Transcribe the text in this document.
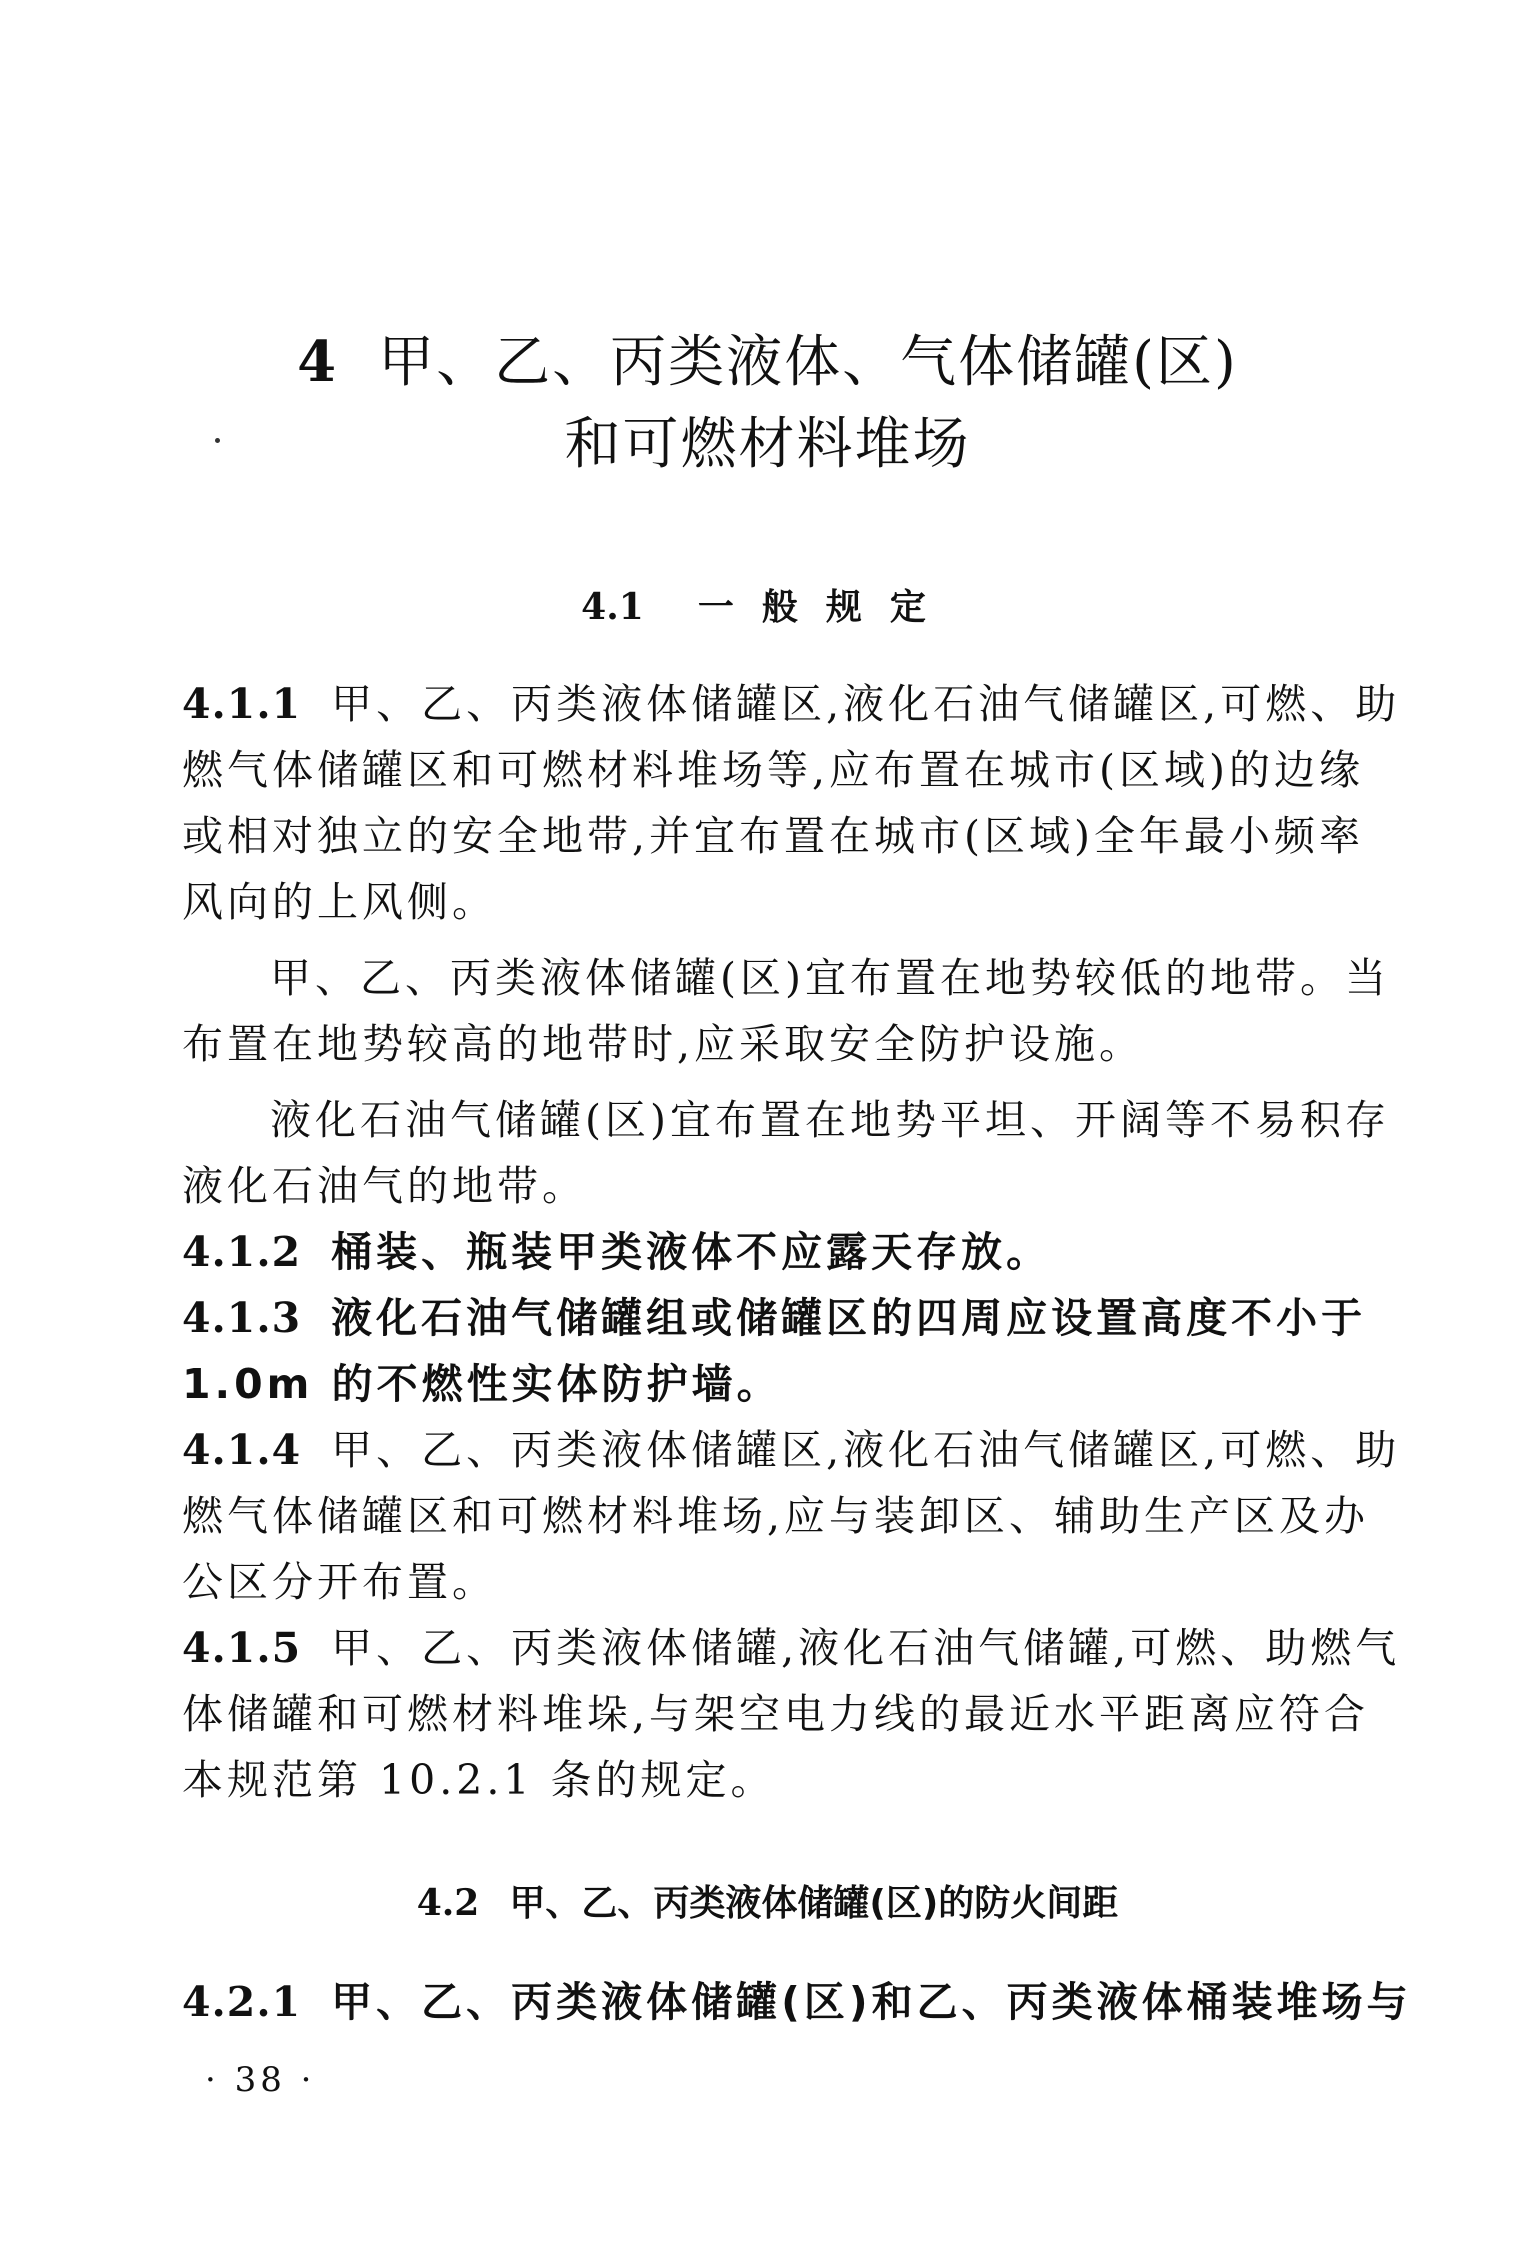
4 甲、乙、丙类液体、气体储罐(区)
和可燃材料堆场
4.1 一般规定
4.1.1 甲、乙、丙类液体储罐区,液化石油气储罐区,可燃、助
燃气体储罐区和可燃材料堆场等,应布置在城市(区域)的边缘
或相对独立的安全地带,并宜布置在城市(区域)全年最小频率
风向的上风侧。
甲、乙、丙类液体储罐(区)宜布置在地势较低的地带。当
布置在地势较高的地带时,应采取安全防护设施。
液化石油气储罐(区)宜布置在地势平坦、开阔等不易积存
液化石油气的地带。
4.1.2 桶装、瓶装甲类液体不应露天存放。
4.1.3 液化石油气储罐组或储罐区的四周应设置高度不小于
1.0m 的不燃性实体防护墙。
4.1.4 甲、乙、丙类液体储罐区,液化石油气储罐区,可燃、助
燃气体储罐区和可燃材料堆场,应与装卸区、辅助生产区及办
公区分开布置。
4.1.5 甲、乙、丙类液体储罐,液化石油气储罐,可燃、助燃气
体储罐和可燃材料堆垛,与架空电力线的最近水平距离应符合
本规范第 10.2.1 条的规定。
4.2 甲、乙、丙类液体储罐(区)的防火间距
4.2.1 甲、乙、丙类液体储罐(区)和乙、丙类液体桶装堆场与
· 38 ·
